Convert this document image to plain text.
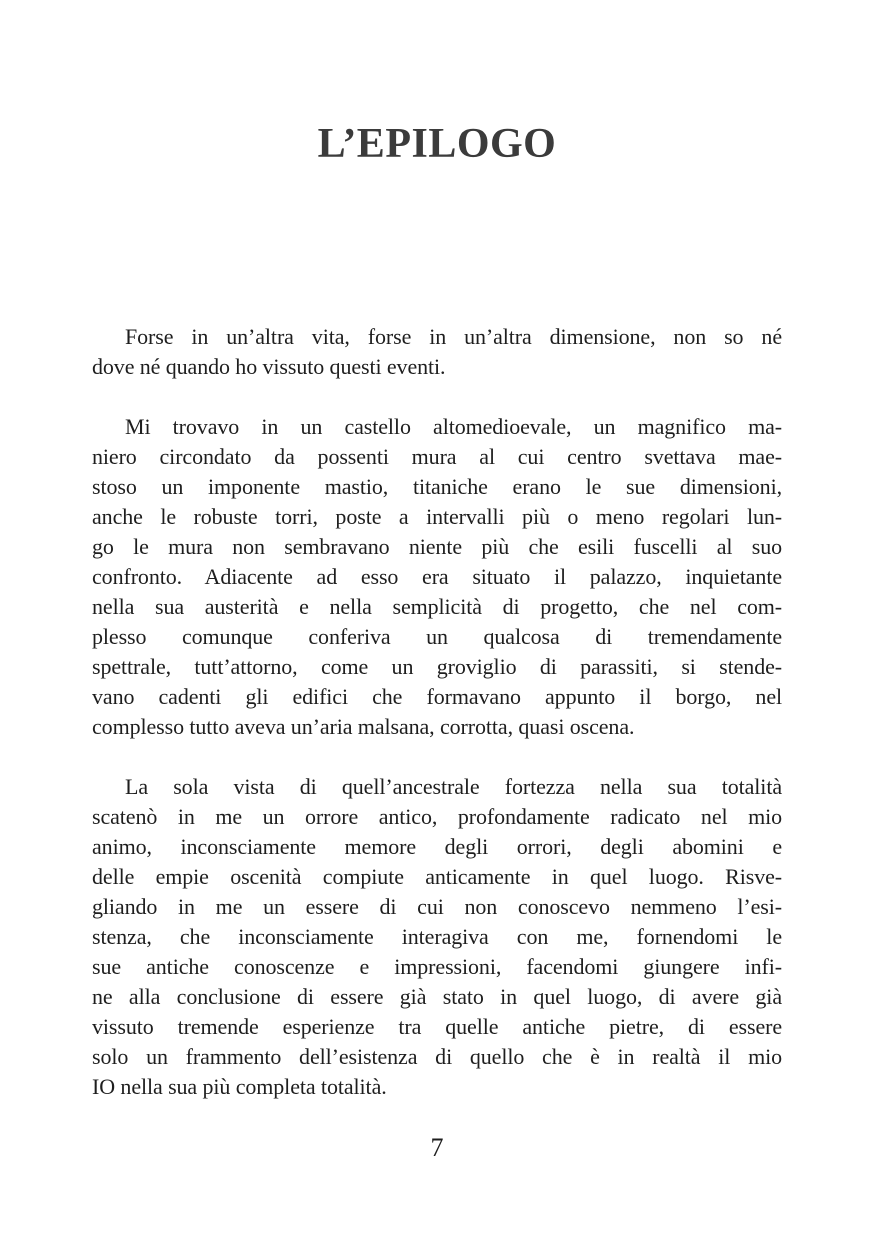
L’EPILOGO
Forse in un’altra vita, forse in un’altra dimensione, non so né
dove né quando ho vissuto questi eventi.
Mi trovavo in un castello altomedioevale, un magnifico ma-
niero circondato da possenti mura al cui centro svettava mae-
stoso un imponente mastio, titaniche erano le sue dimensioni,
anche le robuste torri, poste a intervalli più o meno regolari lun-
go le mura non sembravano niente più che esili fuscelli al suo
confronto. Adiacente ad esso era situato il palazzo, inquietante
nella sua austerità e nella semplicità di progetto, che nel com-
plesso comunque conferiva un qualcosa di tremendamente
spettrale, tutt’attorno, come un groviglio di parassiti, si stende-
vano cadenti gli edifici che formavano appunto il borgo, nel
complesso tutto aveva un’aria malsana, corrotta, quasi oscena.
La sola vista di quell’ancestrale fortezza nella sua totalità
scatenò in me un orrore antico, profondamente radicato nel mio
animo, inconsciamente memore degli orrori, degli abomini e
delle empie oscenità compiute anticamente in quel luogo. Risve-
gliando in me un essere di cui non conoscevo nemmeno l’esi-
stenza, che inconsciamente interagiva con me, fornendomi le
sue antiche conoscenze e impressioni, facendomi giungere infi-
ne alla conclusione di essere già stato in quel luogo, di avere già
vissuto tremende esperienze tra quelle antiche pietre, di essere
solo un frammento dell’esistenza di quello che è in realtà il mio
IO nella sua più completa totalità.
7
